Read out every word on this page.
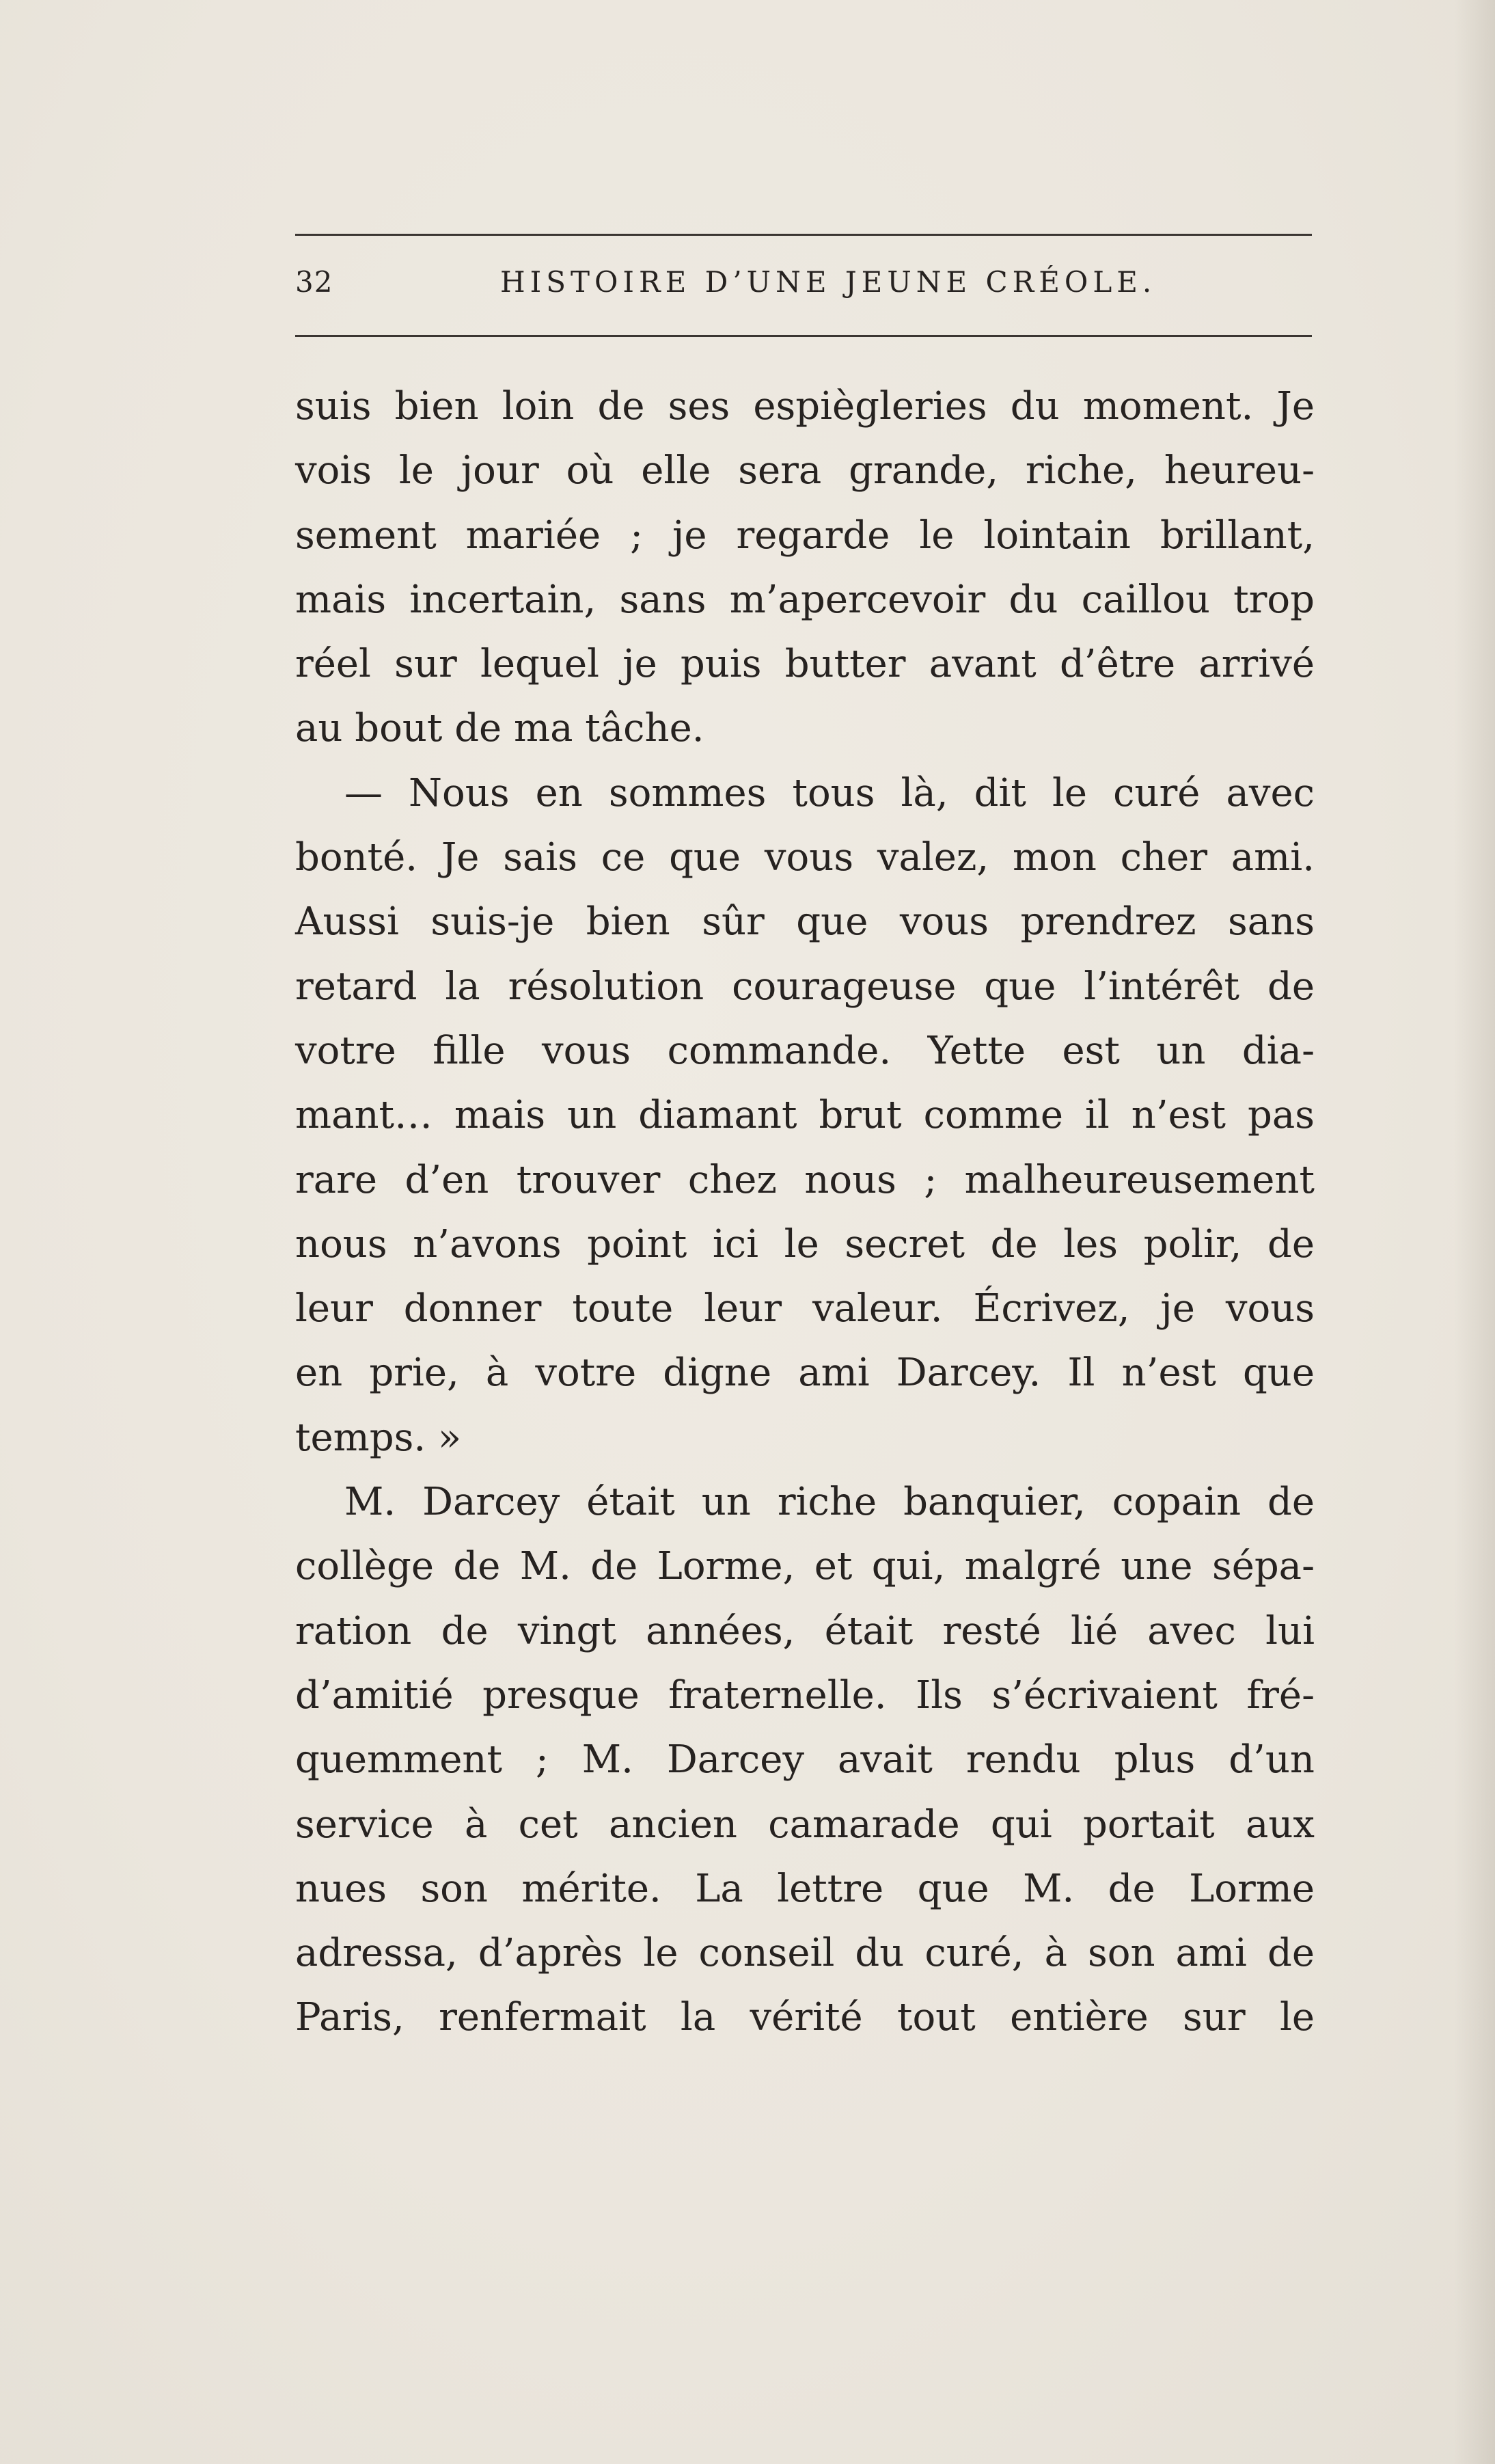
32	HISTOIRE D’UNE JEUNE CRÉOLE.
suis bien loin de ses espiègleries du moment. Je
vois le jour où elle sera grande, riche, heureu-
sement mariée ; je regarde le lointain brillant,
mais incertain, sans m’apercevoir du caillou trop
réel sur lequel je puis butter avant d’être arrivé
au bout de ma tâche.
— Nous en sommes tous là, dit le curé avec
bonté. Je sais ce que vous valez, mon cher ami.
Aussi suis-je bien sûr que vous prendrez sans
retard la résolution courageuse que l’intérêt de
votre fille vous commande. Yette est un dia-
mant… mais un diamant brut comme il n’est pas
rare d’en trouver chez nous ; malheureusement
nous n’avons point ici le secret de les polir, de
leur donner toute leur valeur. Écrivez, je vous
en prie, à votre digne ami Darcey. Il n’est que
temps. »
M. Darcey était un riche banquier, copain de
collège de M. de Lorme, et qui, malgré une sépa-
ration de vingt années, était resté lié avec lui
d’amitié presque fraternelle. Ils s’écrivaient fré-
quemment ; M. Darcey avait rendu plus d’un
service à cet ancien camarade qui portait aux
nues son mérite. La lettre que M. de Lorme
adressa, d’après le conseil du curé, à son ami de
Paris, renfermait la vérité tout entière sur le
